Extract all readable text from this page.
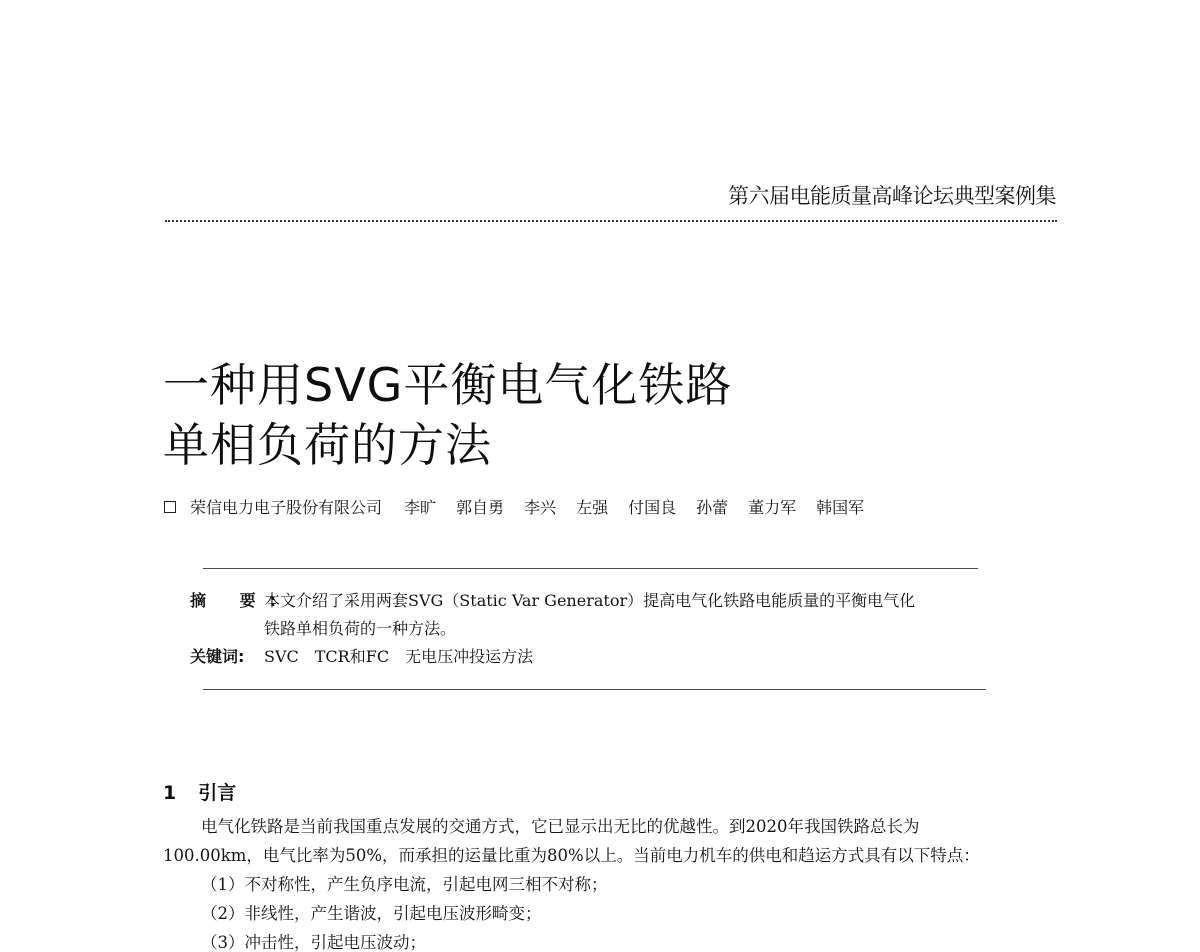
第六届电能质量高峰论坛典型案例集
一种用SVG平衡电气化铁路
单相负荷的方法
荣信电力电子股份有限公司 李旷 郭自勇 李兴 左强 付国良 孙蕾 董力军 韩国军
摘 要:本文介绍了采用两套SVG（Static Var Generator）提高电气化铁路电能质量的平衡电气化
铁路单相负荷的一种方法。
关键词: SVC　TCR和FC　无电压冲投运方法
1 引言
电气化铁路是当前我国重点发展的交通方式，它已显示出无比的优越性。到2020年我国铁路总长为
100.00km，电气比率为50%，而承担的运量比重为80%以上。当前电力机车的供电和趋运方式具有以下特点：
（1）不对称性，产生负序电流，引起电网三相不对称；
（2）非线性，产生谐波，引起电压波形畸变；
（3）冲击性，引起电压波动；
